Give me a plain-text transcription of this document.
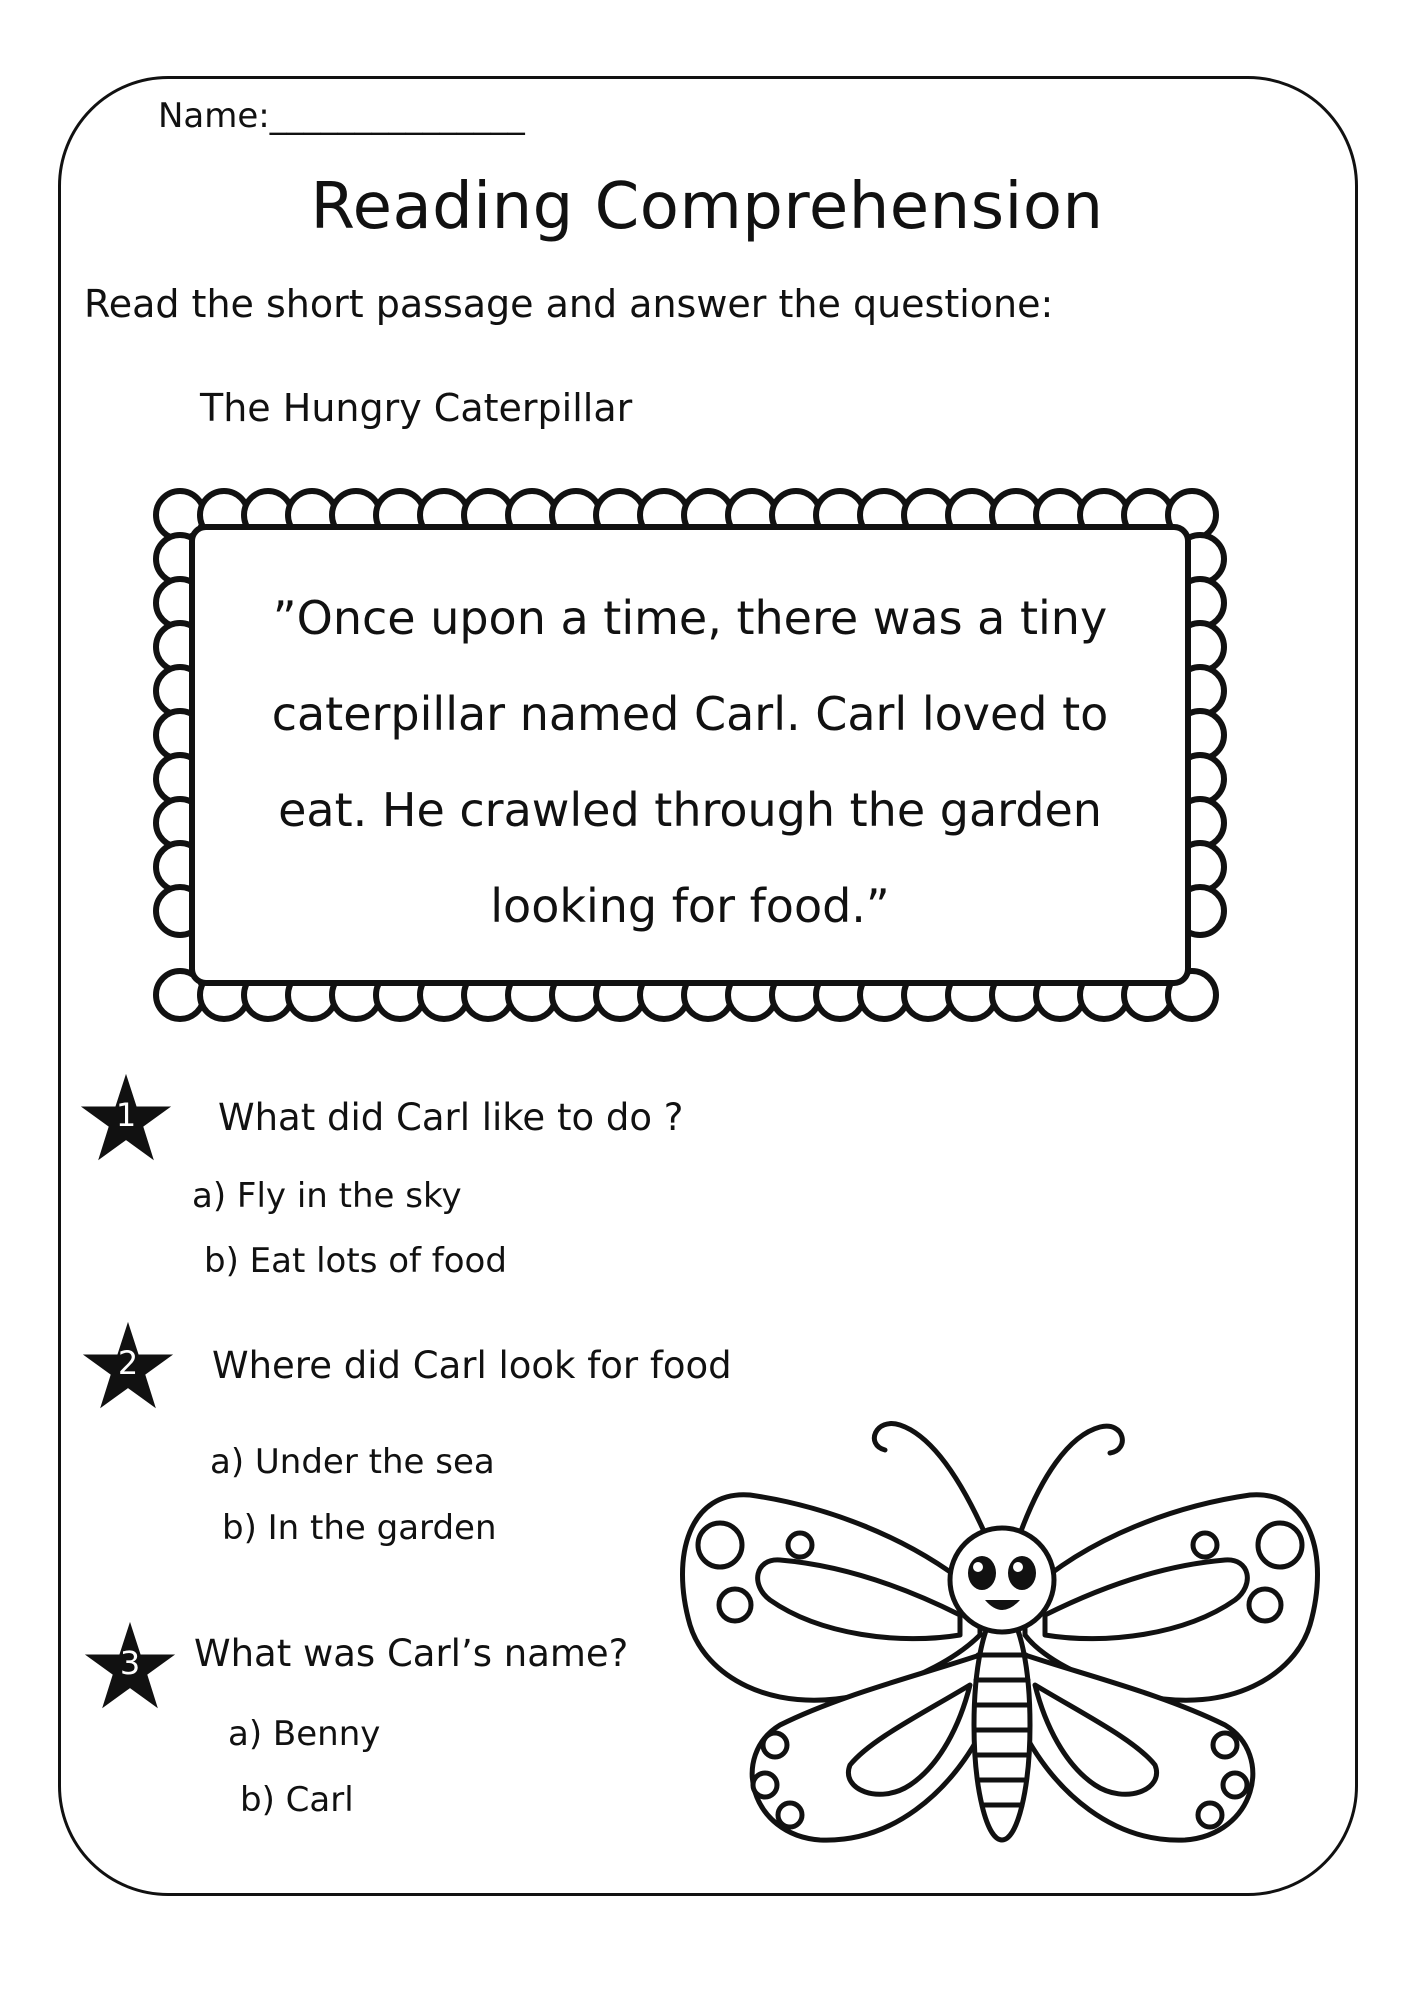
Name:_______________
Reading Comprehension
Read the short passage and answer the questione:
The Hungry Caterpillar
”Once upon a time, there was a tiny caterpillar named Carl. Carl loved to eat. He crawled through the garden looking for food.”
1	What did Carl like to do ?
a) Fly in the sky
b) Eat lots of food
2	Where did Carl look for food
a) Under the sea
b) In the garden
3	What was Carl’s name?
a) Benny
b) Carl
